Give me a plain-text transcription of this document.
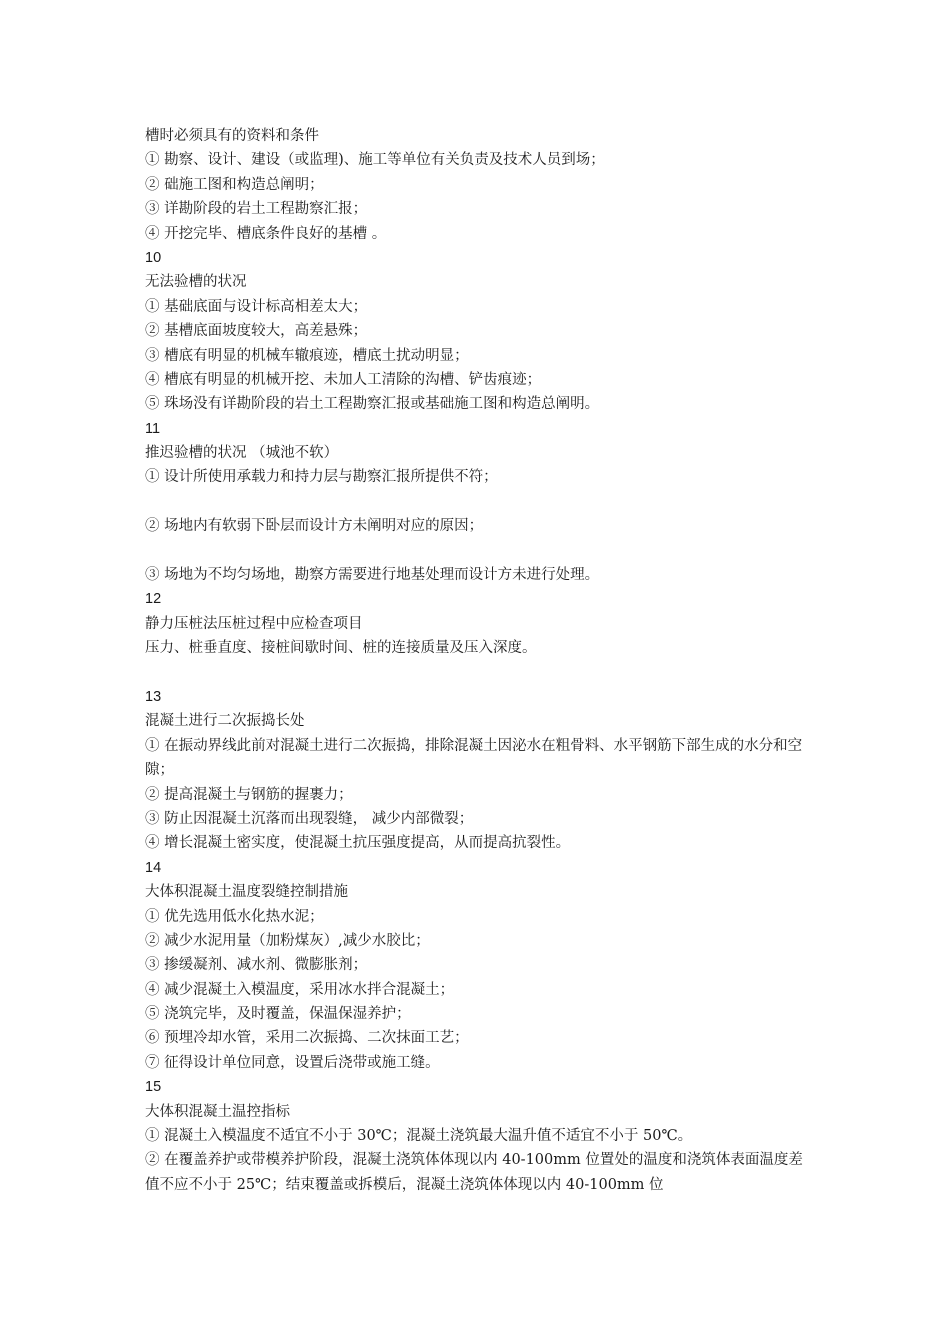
槽时必须具有的资料和条件
① 勘察、设计、建设（或监理)、施工等单位有关负责及技术人员到场；
② 础施工图和构造总阐明；
③ 详勘阶段的岩土工程勘察汇报；
④ 开挖完毕、槽底条件良好的基槽 。
10
无法验槽的状况
① 基础底面与设计标高相差太大；
② 基槽底面坡度较大，高差悬殊；
③ 槽底有明显的机械车辙痕迹，槽底土扰动明显；
④ 槽底有明显的机械开挖、未加人工清除的沟槽、铲齿痕迹；
⑤ 珠场没有详勘阶段的岩土工程勘察汇报或基础施工图和构造总阐明。
11
推迟验槽的状况 （城池不软）
① 设计所使用承载力和持力层与勘察汇报所提供不符；
② 场地内有软弱下卧层而设计方未阐明对应的原因；
③ 场地为不均匀场地，勘察方需要进行地基处理而设计方未进行处理。
12
静力压桩法压桩过程中应检查项目
压力、桩垂直度、接桩间歇时间、桩的连接质量及压入深度。
13
混凝土进行二次振捣长处
① 在振动界线此前对混凝土进行二次振捣，排除混凝土因泌水在粗骨料、水平钢筋下部生成的水分和空隙；
② 提高混凝土与钢筋的握裹力；
③ 防止因混凝土沉落而出现裂缝， 减少内部微裂；
④ 增长混凝土密实度，使混凝土抗压强度提高，从而提高抗裂性。
14
大体积混凝土温度裂缝控制措施
① 优先选用低水化热水泥；
② 减少水泥用量（加粉煤灰）,减少水胶比；
③ 掺缓凝剂、减水剂、微膨胀剂；
④ 减少混凝土入模温度，采用冰水拌合混凝土；
⑤ 浇筑完毕，及时覆盖，保温保湿养护；
⑥ 预埋冷却水管，采用二次振捣、二次抹面工艺；
⑦ 征得设计单位同意，设置后浇带或施工缝。
15
大体积混凝土温控指标
① 混凝土入模温度不适宜不小于 30℃；混凝土浇筑最大温升值不适宜不小于 50℃。
② 在覆盖养护或带模养护阶段，混凝土浇筑体体现以内 40-100mm 位置处的温度和浇筑体表面温度差值不应不小于 25℃；结束覆盖或拆模后，混凝土浇筑体体现以内 40-100mm 位
